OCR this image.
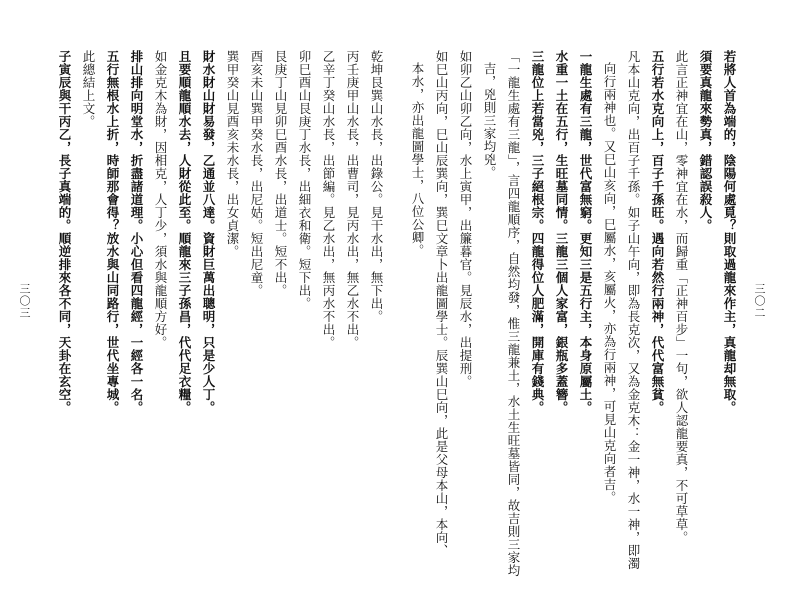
乾坤艮巽山水長，出錄公。見干水出，無下出。
丙壬庚甲山水長，出曹司，見丙水出，無乙水不出。
乙辛丁癸山水長，出節編。見乙水出，無丙水不出。
卯巳酉山艮庚丁水長，出細衣和衛。短下出。
艮庚丁山見卯巳酉水長，出道士。短不出。
酉亥未山巽甲癸水長，出尼姑。短出尼童。
巽甲癸山見酉亥未水長，出女貞潔。
財水財山財易發，乙通並八達。資財巨萬出聰明，只是少人丁。
且要順龍順水去，人財從此至。順龍來三子孫昌，代代足衣糧。
如金克木為財，因相克，人丁少，須水與龍順方好。
排山排向明堂水，折盡諸道理。小心但看四龍經，一經各一名。
五行無根水上折，時師那會得？放水與山同路行，世代坐專城。
此總結上文。
子寅辰與干丙乙，長子真端的。順逆排來各不同，天卦在玄空。
三〇三	若將人首為端的，陰陽何處覓？則取過龍來作主，真龍却無取。
須要真龍來勢真，錯認誤殺人。
此言正神宜在山，零神宜在水，而歸重「正神百步」一句，欲人認龍要真，不可草草。
五行若水克向上，百子千孫旺。遇向若然行兩神，代代富無貧。
凡本山克向，出百子千孫。如子山午向，即為長克次，又為金克木：金一神，水一神，即濁
向行兩神也。又巳山亥向，巳屬水，亥屬火，亦為行兩神，可見山克向者吉。
一龍生處有三龍，世代富無窮。更知三是五行主，本身原屬土。
水重一土在五行，生旺墓同情。三龍三個人家富，銀瓶多蓋簪。
三龍位上若當兇，三子絕根宗。四龍得位人肥滿，開庫有錢典。
「一龍生處有三龍」，言四龍順序，自然均發，惟三龍兼土，水土生旺墓皆同，故吉則三家均
吉，兇則三家均兇。
如卯乙山卯乙向，水上寅甲，出簾暮官。見辰水，出提刑。
如巳山丙向，巳山辰巽向，巽巳文章卜出龍圖學士。辰巽山巳向，此是父母本山，本向、
本水，亦出龍圖學士，八位公卿。
三〇二
